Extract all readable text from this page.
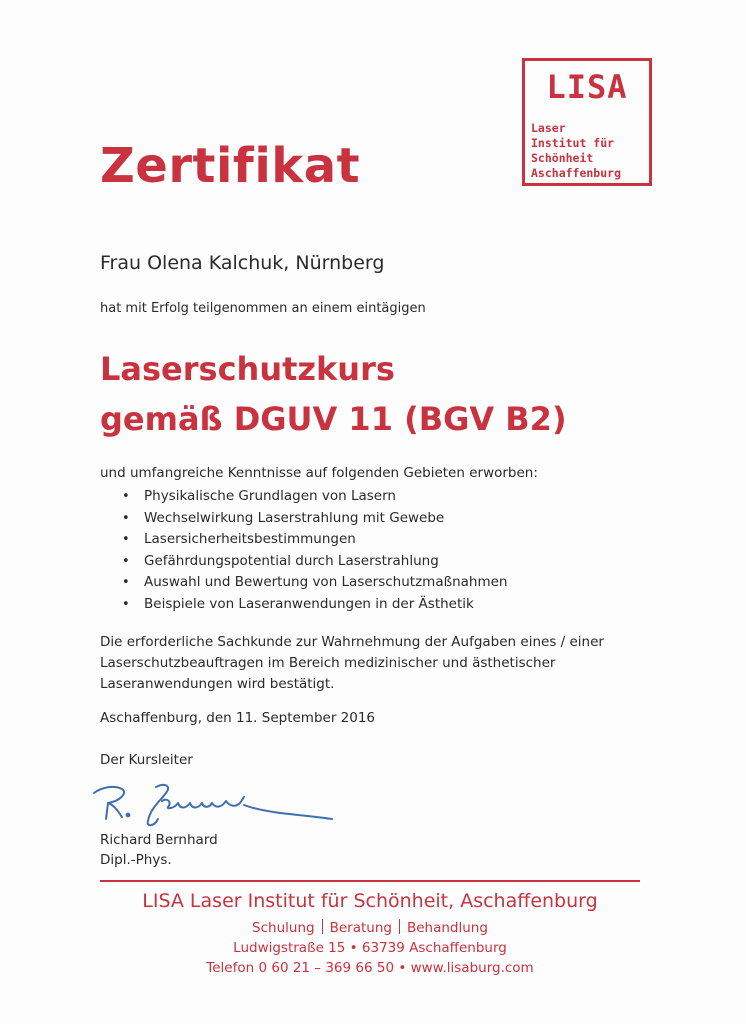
LISA
Laser
Institut für
Schönheit
Aschaffenburg
Zertifikat
Frau Olena Kalchuk, Nürnberg
hat mit Erfolg teilgenommen an einem eintägigen
Laserschutzkurs
gemäß DGUV 11 (BGV B2)
und umfangreiche Kenntnisse auf folgenden Gebieten erworben:
• Physikalische Grundlagen von Lasern
• Wechselwirkung Laserstrahlung mit Gewebe
• Lasersicherheitsbestimmungen
• Gefährdungspotential durch Laserstrahlung
• Auswahl und Bewertung von Laserschutzmaßnahmen
• Beispiele von Laseranwendungen in der Ästhetik
Die erforderliche Sachkunde zur Wahrnehmung der Aufgaben eines / einer Laserschutzbeauftragen im Bereich medizinischer und ästhetischer Laseranwendungen wird bestätigt.
Aschaffenburg, den 11. September 2016
Der Kursleiter
Richard Bernhard
Dipl.-Phys.
LISA Laser Institut für Schönheit, Aschaffenburg
Schulung Beratung Behandlung
Ludwigstraße 15 • 63739 Aschaffenburg
Telefon 0 60 21 – 369 66 50 • www.lisaburg.com
